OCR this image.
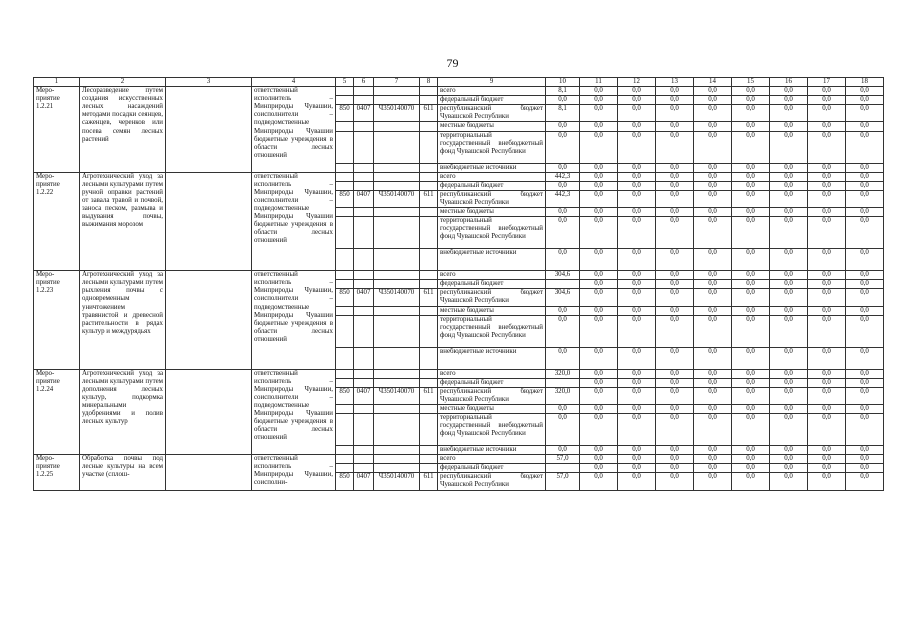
79
1	2	3	4	5	6	7	8	9	10	11	12	13	14	15	16	17	18
Меро-приятие 1.2.21	Лесоразведение путем создания искусственных лесных насаждений методами посадки сеянцев, саженцев, черенков или посева семян лесных растений		ответственный исполнитель – Минприроды Чувашии, соисполнители – подведомственные Минприроды Чувашии бюджетные учреждения в области лесных отношений					всего	8,1	0,0	0,0	0,0	0,0	0,0	0,0	0,0	0,0
								федеральный бюджет	0,0	0,0	0,0	0,0	0,0	0,0	0,0	0,0	0,0
				850	0407	Ч350140070	611	республиканский бюджет Чувашской Республики	8,1	0,0	0,0	0,0	0,0	0,0	0,0	0,0	0,0
								местные бюджеты	0,0	0,0	0,0	0,0	0,0	0,0	0,0	0,0	0,0
								территориальный государственный внебюджетный фонд Чувашской Республики	0,0	0,0	0,0	0,0	0,0	0,0	0,0	0,0	0,0
								внебюджетные источники	0,0	0,0	0,0	0,0	0,0	0,0	0,0	0,0	0,0
Меро-приятие 1.2.22	Агротехнический уход за лесными культурами путем ручной оправки растений от завала травой и почвой, заноса песком, размыва и выдувания почвы, выжимания морозом		ответственный исполнитель – Минприроды Чувашии, соисполнители – подведомственные Минприроды Чувашии бюджетные учреждения в области лесных отношений					всего	442,3	0,0	0,0	0,0	0,0	0,0	0,0	0,0	0,0
								федеральный бюджет	0,0	0,0	0,0	0,0	0,0	0,0	0,0	0,0	0,0
				850	0407	Ч350140070	611	республиканский бюджет Чувашской Республики	442,3	0,0	0,0	0,0	0,0	0,0	0,0	0,0	0,0
								местные бюджеты	0,0	0,0	0,0	0,0	0,0	0,0	0,0	0,0	0,0
								территориальный государственный внебюджетный фонд Чувашской Республики	0,0	0,0	0,0	0,0	0,0	0,0	0,0	0,0	0,0
								внебюджетные источники	0,0	0,0	0,0	0,0	0,0	0,0	0,0	0,0	0,0
Меро-приятие 1.2.23	Агротехнический уход за лесными культурами путем рыхления почвы с одновременным уничтожением травянистой и древесной растительности в рядах культур и междурядьях		ответственный исполнитель – Минприроды Чувашии, соисполнители – подведомственные Минприроды Чувашии бюджетные учреждения в области лесных отношений					всего	304,6	0,0	0,0	0,0	0,0	0,0	0,0	0,0	0,0
								федеральный бюджет		0,0	0,0	0,0	0,0	0,0	0,0	0,0	0,0
				850	0407	Ч350140070	611	республиканский бюджет Чувашской Республики	304,6	0,0	0,0	0,0	0,0	0,0	0,0	0,0	0,0
								местные бюджеты	0,0	0,0	0,0	0,0	0,0	0,0	0,0	0,0	0,0
								территориальный государственный внебюджетный фонд Чувашской Республики	0,0	0,0	0,0	0,0	0,0	0,0	0,0	0,0	0,0
								внебюджетные источники	0,0	0,0	0,0	0,0	0,0	0,0	0,0	0,0	0,0
Меро-приятие 1.2.24	Агротехнический уход за лесными культурами путем дополнения лесных культур, подкормка минеральными удобрениями и полив лесных культур		ответственный исполнитель – Минприроды Чувашии, соисполнители – подведомственные Минприроды Чувашии бюджетные учреждения в области лесных отношений					всего	320,0	0,0	0,0	0,0	0,0	0,0	0,0	0,0	0,0
								федеральный бюджет		0,0	0,0	0,0	0,0	0,0	0,0	0,0	0,0
				850	0407	Ч350140070	611	республиканский бюджет Чувашской Республики	320,0	0,0	0,0	0,0	0,0	0,0	0,0	0,0	0,0
								местные бюджеты	0,0	0,0	0,0	0,0	0,0	0,0	0,0	0,0	0,0
								территориальный государственный внебюджетный фонд Чувашской Республики	0,0	0,0	0,0	0,0	0,0	0,0	0,0	0,0	0,0
								внебюджетные источники	0,0	0,0	0,0	0,0	0,0	0,0	0,0	0,0	0,0
Меро-приятие 1.2.25	Обработка почвы под лесные культуры на всем участке (сплош-		ответственный исполнитель – Минприроды Чувашии, соисполни-					всего	57,0	0,0	0,0	0,0	0,0	0,0	0,0	0,0	0,0
								федеральный бюджет		0,0	0,0	0,0	0,0	0,0	0,0	0,0	0,0
				850	0407	Ч350140070	611	республиканский бюджет Чувашской Республики	57,0	0,0	0,0	0,0	0,0	0,0	0,0	0,0	0,0
